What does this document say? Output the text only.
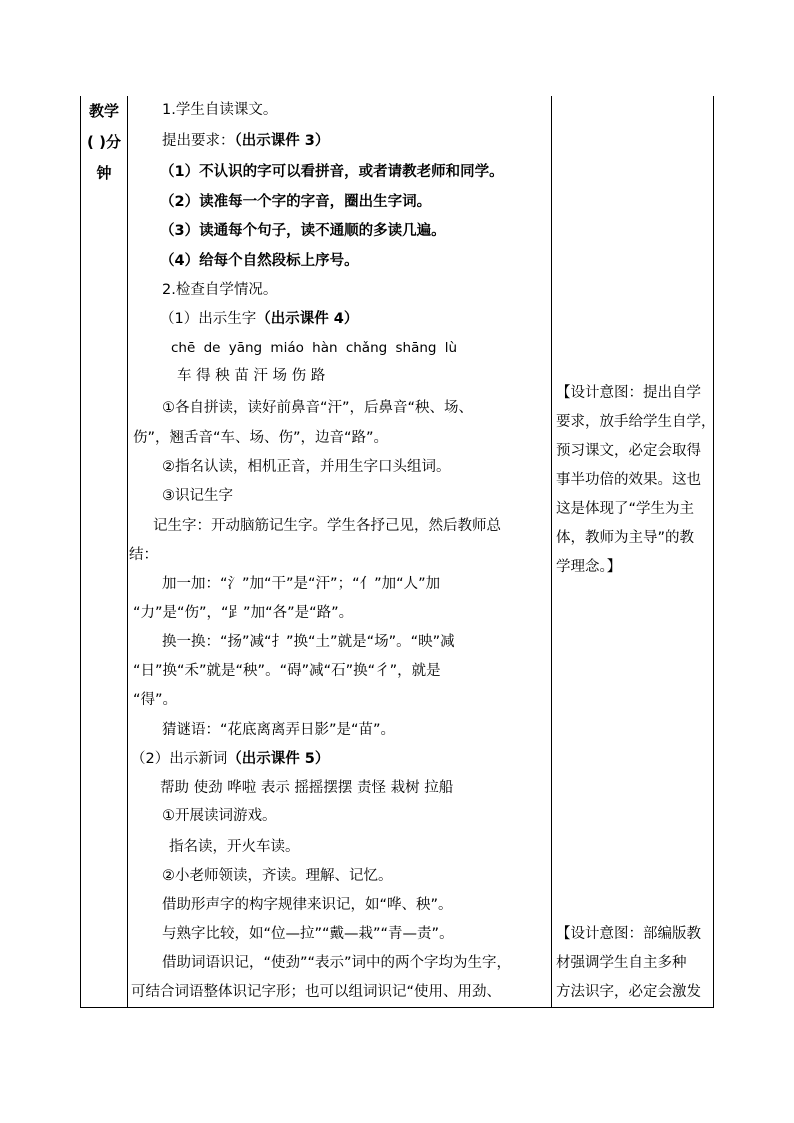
教学
( )分
钟
1.学生自读课文。
提出要求：（出示课件 3）
（1）不认识的字可以看拼音，或者请教老师和同学。
（2）读准每一个字的字音，圈出生字词。
（3）读通每个句子，读不通顺的多读几遍。
（4）给每个自然段标上序号。
2.检查自学情况。
（1）出示生字（出示课件 4）
chē de yāng miáo hàn chǎng shāng lù
车 得 秧 苗 汗 场 伤 路
①各自拼读，读好前鼻音“汗”，后鼻音“秧、场、
伤”，翘舌音“车、场、伤”，边音“路”。
②指名认读，相机正音，并用生字口头组词。
③识记生字
记生字：开动脑筋记生字。学生各抒己见，然后教师总
结：
加一加：“氵”加“干”是“汗”；“亻”加“人”加
“力”是“伤”，“𧾷”加“各”是“路”。
换一换：“扬”减“扌”换“土”就是“场”。“映”减
“日”换“禾”就是“秧”。“碍”减“石”换“彳”，就是
“得”。
猜谜语：“花底离离弄日影”是“苗”。
（2）出示新词（出示课件 5）
帮助 使劲 哗啦 表示 摇摇摆摆 责怪 栽树 拉船
①开展读词游戏。
指名读，开火车读。
②小老师领读，齐读。理解、记忆。
借助形声字的构字规律来识记，如“哗、秧”。
与熟字比较，如“位—拉”“戴—栽”“青—责”。
借助词语识记，“使劲”“表示”词中的两个字均为生字，
可结合词语整体识记字形；也可以组词识记“使用、用劲、
【设计意图：提出自学
要求，放手给学生自学，
预习课文，必定会取得
事半功倍的效果。这也
这是体现了“学生为主
体，教师为主导”的教
学理念。】
【设计意图：部编版教
材强调学生自主多种
方法识字，必定会激发
